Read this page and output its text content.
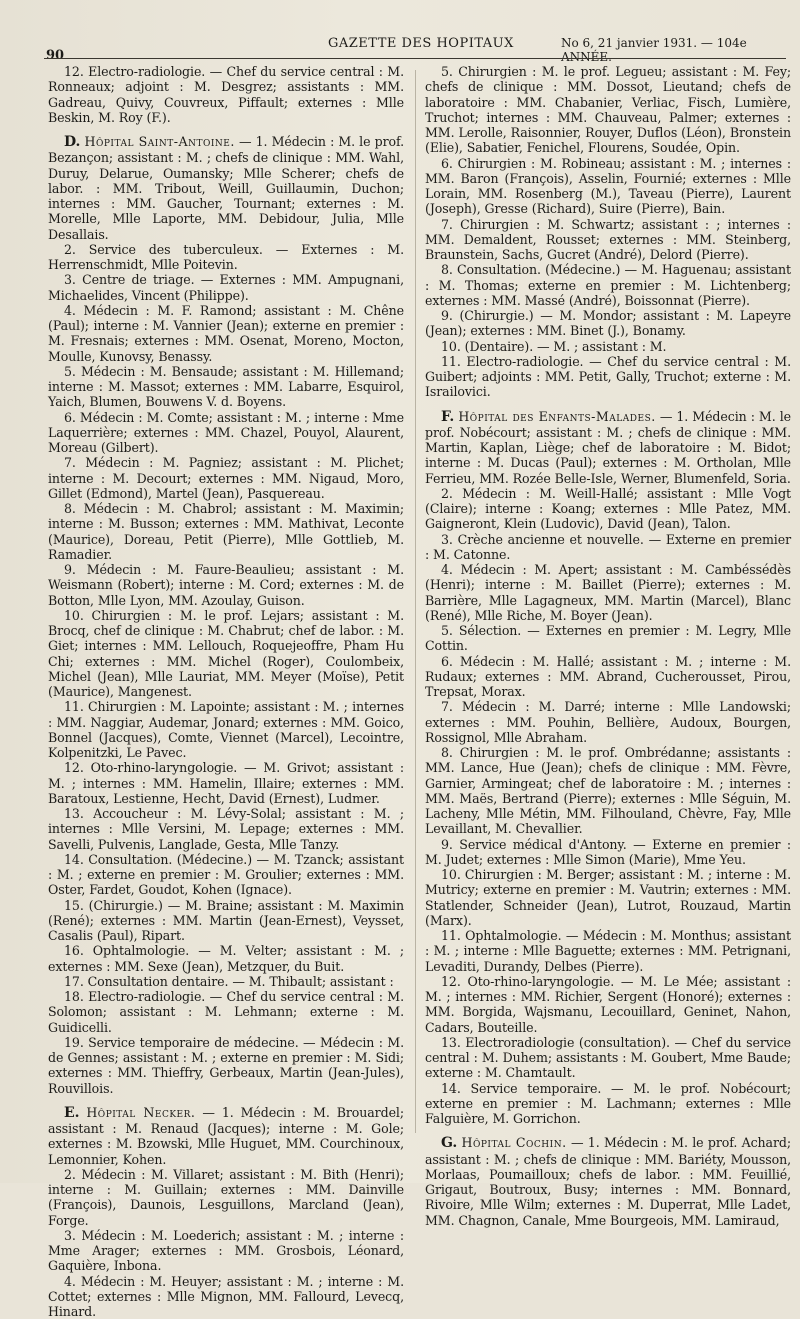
90
GAZETTE DES HOPITAUX	No 6, 21 janvier 1931. — 104e ANNÉE.

12. Electro-radiologie. — Chef du service central : M. Ronneaux; adjoint : M. Desgrez; assistants : MM. Gadreau, Quivy, Couvreux, Piffault; externes : Mlle Beskin, M. Roy (F.).

D. Hôpital Saint-Antoine. — 1. Médecin : M. le prof. Bezançon; assistant : M. ; chefs de clinique : MM. Wahl, Duruy, Delarue, Oumansky; Mlle Scherer; chefs de labor. : MM. Tribout, Weill, Guillaumin, Duchon; internes : MM. Gaucher, Tournant; externes : M. Morelle, Mlle Laporte, MM. Debidour, Julia, Mlle Desallais.

2. Service des tuberculeux. — Externes : M. Herrenschmidt, Mlle Poitevin.

3. Centre de triage. — Externes : MM. Ampugnani, Michaelides, Vincent (Philippe).

4. Médecin : M. F. Ramond; assistant : M. Chêne (Paul); interne : M. Vannier (Jean); externe en premier : M. Fresnais; externes : MM. Osenat, Moreno, Mocton, Moulle, Kunovsy, Benassy.

5. Médecin : M. Bensaude; assistant : M. Hillemand; interne : M. Massot; externes : MM. Labarre, Esquirol, Yaich, Blumen, Bouwens V. d. Boyens.

6. Médecin : M. Comte; assistant : M. ; interne : Mme Laquerrière; externes : MM. Chazel, Pouyol, Alaurent, Moreau (Gilbert).

7. Médecin : M. Pagniez; assistant : M. Plichet; interne : M. Decourt; externes : MM. Nigaud, Moro, Gillet (Edmond), Martel (Jean), Pasquereau.

8. Médecin : M. Chabrol; assistant : M. Maximin; interne : M. Busson; externes : MM. Mathivat, Leconte (Maurice), Doreau, Petit (Pierre), Mlle Gottlieb, M. Ramadier.

9. Médecin : M. Faure-Beaulieu; assistant : M. Weismann (Robert); interne : M. Cord; externes : M. de Botton, Mlle Lyon, MM. Azoulay, Guison.

10. Chirurgien : M. le prof. Lejars; assistant : M. Brocq, chef de clinique : M. Chabrut; chef de labor. : M. Giet; internes : MM. Lellouch, Roquejeoffre, Pham Hu Chi; externes : MM. Michel (Roger), Coulombeix, Michel (Jean), Mlle Lauriat, MM. Meyer (Moïse), Petit (Maurice), Mangenest.

11. Chirurgien : M. Lapointe; assistant : M. ; internes : MM. Naggiar, Audemar, Jonard; externes : MM. Goico, Bonnel (Jacques), Comte, Viennet (Marcel), Lecointre, Kolpenitzki, Le Pavec.

12. Oto-rhino-laryngologie. — M. Grivot; assistant : M. ; internes : MM. Hamelin, Illaire; externes : MM. Baratoux, Lestienne, Hecht, David (Ernest), Ludmer.

13. Accoucheur : M. Lévy-Solal; assistant : M. ; internes : Mlle Versini, M. Lepage; externes : MM. Savelli, Pulvenis, Langlade, Gesta, Mlle Tanzy.

14. Consultation. (Médecine.) — M. Tzanck; assistant : M. ; externe en premier : M. Groulier; externes : MM. Oster, Fardet, Goudot, Kohen (Ignace).

15. (Chirurgie.) — M. Braine; assistant : M. Maximin (René); externes : MM. Martin (Jean-Ernest), Veysset, Casalis (Paul), Ripart.

16. Ophtalmologie. — M. Velter; assistant : M. ; externes : MM. Sexe (Jean), Metzquer, du Buit.

17. Consultation dentaire. — M. Thibault; assistant :

18. Electro-radiologie. — Chef du service central : M. Solomon; assistant : M. Lehmann; externe : M. Guidicelli.

19. Service temporaire de médecine. — Médecin : M. de Gennes; assistant : M. ; externe en premier : M. Sidi; externes : MM. Thieffry, Gerbeaux, Martin (Jean-Jules), Rouvillois.

E. Hôpital Necker. — 1. Médecin : M. Brouardel; assistant : M. Renaud (Jacques); interne : M. Gole; externes : M. Bzowski, Mlle Huguet, MM. Courchinoux, Lemonnier, Kohen.

2. Médecin : M. Villaret; assistant : M. Bith (Henri); interne : M. Guillain; externes : MM. Dainville (François), Daunois, Lesguillons, Marcland (Jean), Forge.

3. Médecin : M. Loederich; assistant : M. ; interne : Mme Arager; externes : MM. Grosbois, Léonard, Gaquière, Inbona.

4. Médecin : M. Heuyer; assistant : M. ; interne : M. Cottet; externes : Mlle Mignon, MM. Fallourd, Levecq, Hinard.

5. Chirurgien : M. le prof. Legueu; assistant : M. Fey; chefs de clinique : MM. Dossot, Lieutand; chefs de laboratoire : MM. Chabanier, Verliac, Fisch, Lumière, Truchot; internes : MM. Chauveau, Palmer; externes : MM. Lerolle, Raisonnier, Rouyer, Duflos (Léon), Bronstein (Elie), Sabatier, Fenichel, Flourens, Soudée, Opin.

6. Chirurgien : M. Robineau; assistant : M. ; internes : MM. Baron (François), Asselin, Fournié; externes : Mlle Lorain, MM. Rosenberg (M.), Taveau (Pierre), Laurent (Joseph), Gresse (Richard), Suire (Pierre), Bain.

7. Chirurgien : M. Schwartz; assistant : ; internes : MM. Demaldent, Rousset; externes : MM. Steinberg, Braunstein, Sachs, Gucret (André), Delord (Pierre).

8. Consultation. (Médecine.) — M. Haguenau; assistant : M. Thomas; externe en premier : M. Lichtenberg; externes : MM. Massé (André), Boissonnat (Pierre).

9. (Chirurgie.) — M. Mondor; assistant : M. Lapeyre (Jean); externes : MM. Binet (J.), Bonamy.

10. (Dentaire). — M. ; assistant : M.

11. Electro-radiologie. — Chef du service central : M. Guibert; adjoints : MM. Petit, Gally, Truchot; externe : M. Israilovici.

F. Hôpital des Enfants-Malades. — 1. Médecin : M. le prof. Nobécourt; assistant : M. ; chefs de clinique : MM. Martin, Kaplan, Liège; chef de laboratoire : M. Bidot; interne : M. Ducas (Paul); externes : M. Ortholan, Mlle Ferrieu, MM. Rozée Belle-Isle, Werner, Blumenfeld, Soria.

2. Médecin : M. Weill-Hallé; assistant : Mlle Vogt (Claire); interne : Koang; externes : Mlle Patez, MM. Gaigneront, Klein (Ludovic), David (Jean), Talon.

3. Crèche ancienne et nouvelle. — Externe en premier : M. Catonne.

4. Médecin : M. Apert; assistant : M. Cambéssédès (Henri); interne : M. Baillet (Pierre); externes : M. Barrière, Mlle Lagagneux, MM. Martin (Marcel), Blanc (René), Mlle Riche, M. Boyer (Jean).

5. Sélection. — Externes en premier : M. Legry, Mlle Cottin.

6. Médecin : M. Hallé; assistant : M. ; interne : M. Rudaux; externes : MM. Abrand, Cucherousset, Pirou, Trepsat, Morax.

7. Médecin : M. Darré; interne : Mlle Landowski; externes : MM. Pouhin, Bellière, Audoux, Bourgen, Rossignol, Mlle Abraham.

8. Chirurgien : M. le prof. Ombrédanne; assistants : MM. Lance, Hue (Jean); chefs de clinique : MM. Fèvre, Garnier, Armingeat; chef de laboratoire : M. ; internes : MM. Maës, Bertrand (Pierre); externes : Mlle Séguin, M. Lacheny, Mlle Métin, MM. Filhouland, Chèvre, Fay, Mlle Levaillant, M. Chevallier.

9. Service médical d'Antony. — Externe en premier : M. Judet; externes : Mlle Simon (Marie), Mme Yeu.

10. Chirurgien : M. Berger; assistant : M. ; interne : M. Mutricy; externe en premier : M. Vautrin; externes : MM. Statlender, Schneider (Jean), Lutrot, Rouzaud, Martin (Marx).

11. Ophtalmologie. — Médecin : M. Monthus; assistant : M. ; interne : Mlle Baguette; externes : MM. Petrignani, Levaditi, Durandy, Delbes (Pierre).

12. Oto-rhino-laryngologie. — M. Le Mée; assistant : M. ; internes : MM. Richier, Sergent (Honoré); externes : MM. Borgida, Wajsmanu, Lecouillard, Geninet, Nahon, Cadars, Bouteille.

13. Electroradiologie (consultation). — Chef du service central : M. Duhem; assistants : M. Goubert, Mme Baude; externe : M. Chamtault.

14. Service temporaire. — M. le prof. Nobécourt; externe en premier : M. Lachmann; externes : Mlle Falguière, M. Gorrichon.

G. Hôpital Cochin. — 1. Médecin : M. le prof. Achard; assistant : M. ; chefs de clinique : MM. Bariéty, Mousson, Morlaas, Poumailloux; chefs de labor. : MM. Feuillié, Grigaut, Boutroux, Busy; internes : MM. Bonnard, Rivoire, Mlle Wilm; externes : M. Duperrat, Mlle Ladet, MM. Chagnon, Canale, Mme Bourgeois, MM. Lamiraud,
